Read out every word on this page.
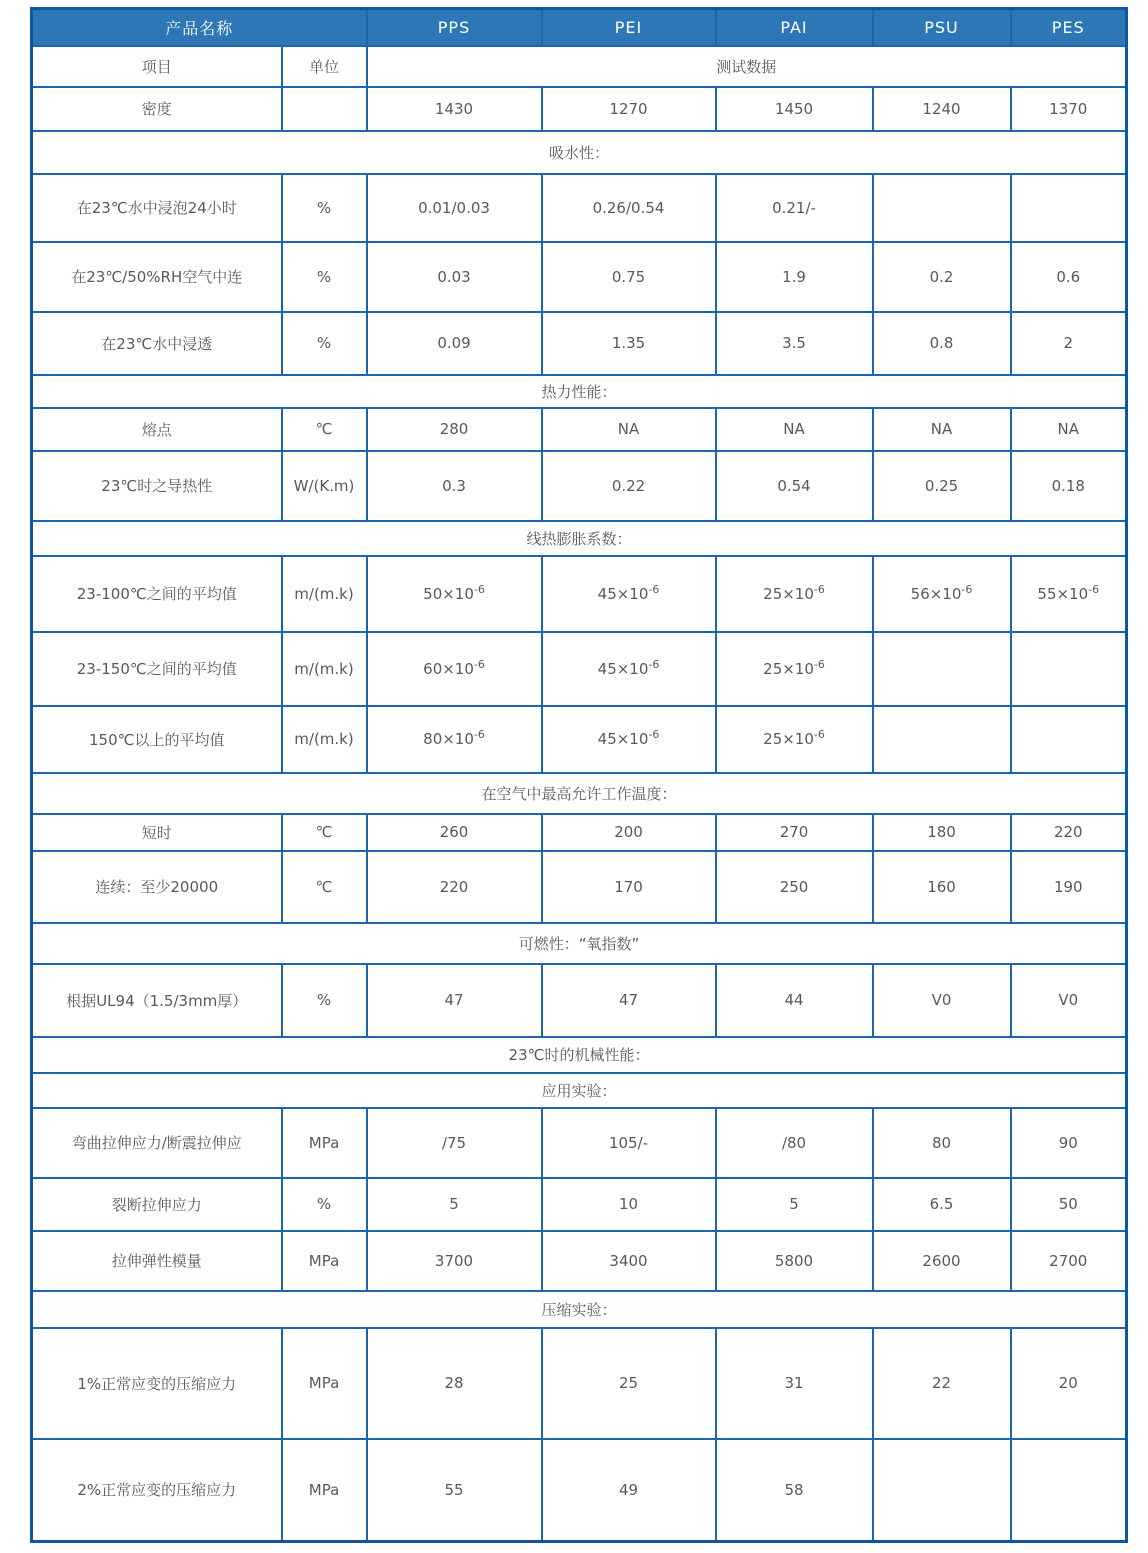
产品名称		PPS	PEI	PAI	PSU	PES
项目	单位	测试数据				
密度		1430	1270	1450	1240	1370
吸水性：						
在23℃水中浸泡24小时	%	0.01/0.03	0.26/0.54	0.21/-		
在23℃/50%RH空气中连	%	0.03	0.75	1.9	0.2	0.6
在23℃水中浸透	%	0.09	1.35	3.5	0.8	2
热力性能：						
熔点	℃	280	NA	NA	NA	NA
23℃时之导热性	W/(K.m)	0.3	0.22	0.54	0.25	0.18
线热膨胀系数：						
23-100℃之间的平均值	m/(m.k)	$50\times 10^{-6}$	$45\times 10^{-6}$	$25\times 10^{-6}$	$56\times 10^{-6}$	$55\times 10^{-6}$
23-150℃之间的平均值	m/(m.k)	$60\times 10^{-6}$	$45\times 10^{-6}$	$25\times 10^{-6}$		
150℃以上的平均值	m/(m.k)	$80\times 10^{-6}$	$45\times 10^{-6}$	$25\times 10^{-6}$		
在空气中最高允许工作温度：						
短时	℃	260	200	270	180	220
连续：至少20000	℃	220	170	250	160	190
可燃性：“氧指数”						
根据UL94（1.5/3mm厚）	%	47	47	44	V0	V0
23℃时的机械性能：						
应用实验：						
弯曲拉伸应力/断震拉伸应	MPa	/75	105/-	/80	80	90
裂断拉伸应力	%	5	10	5	6.5	50
拉伸弹性模量	MPa	3700	3400	5800	2600	2700
压缩实验：						
1%正常应变的压缩应力	MPa	28	25	31	22	20
2%正常应变的压缩应力	MPa	55	49	58		
